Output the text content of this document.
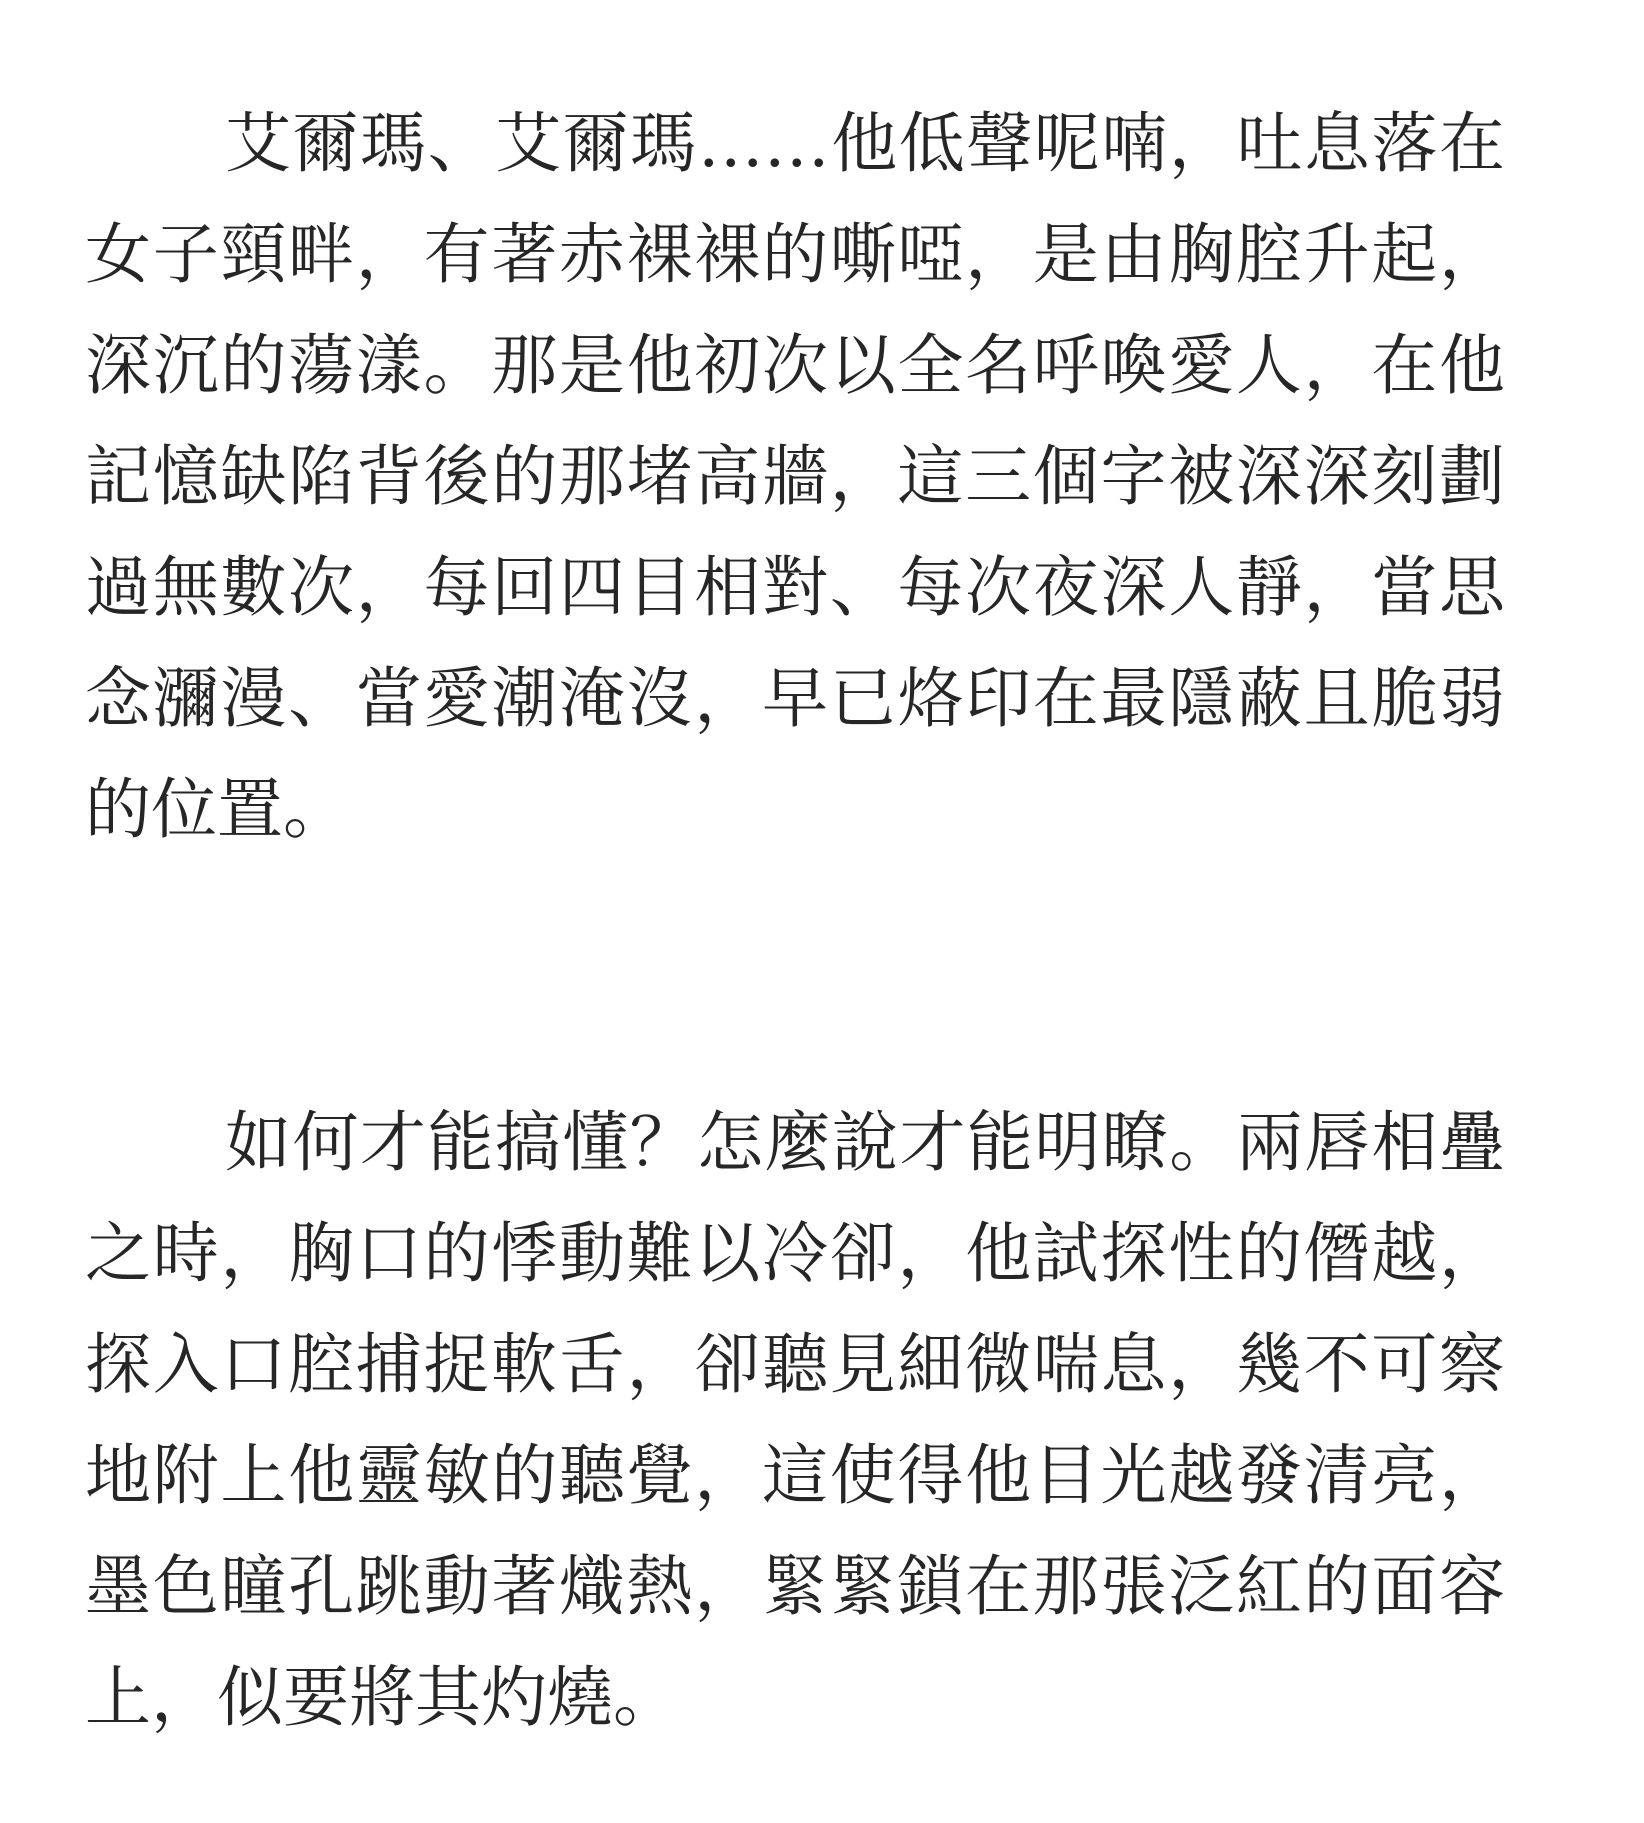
艾爾瑪、艾爾瑪……他低聲呢喃，吐息落在女子頸畔，有著赤裸裸的嘶啞，是由胸腔升起，深沉的蕩漾。那是他初次以全名呼喚愛人，在他記憶缺陷背後的那堵高牆，這三個字被深深刻劃過無數次，每回四目相對、每次夜深人靜，當思念瀰漫、當愛潮淹沒，早已烙印在最隱蔽且脆弱的位置。

如何才能搞懂？怎麼說才能明瞭。兩唇相疊之時，胸口的悸動難以冷卻，他試探性的僭越，探入口腔捕捉軟舌，卻聽見細微喘息，幾不可察地附上他靈敏的聽覺，這使得他目光越發清亮，墨色瞳孔跳動著熾熱，緊緊鎖在那張泛紅的面容上，似要將其灼燒。
